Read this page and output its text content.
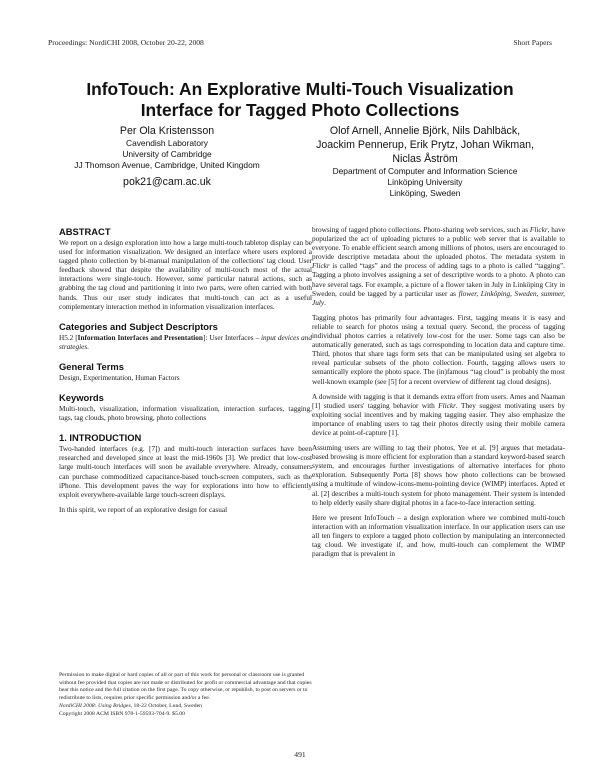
Proceedings: NordiCHI 2008, October 20-22, 2008	Short Papers
InfoTouch: An Explorative Multi-Touch Visualization
Interface for Tagged Photo Collections
Per Ola Kristensson
Cavendish Laboratory
University of Cambridge
JJ Thomson Avenue, Cambridge, United Kingdom
pok21@cam.ac.uk
Olof Arnell, Annelie Björk, Nils Dahlbäck,
Joackim Pennerup, Erik Prytz, Johan Wikman,
Niclas Åström
Department of Computer and Information Science
Linköping University
Linköping, Sweden
ABSTRACT

We report on a design exploration into how a large multi-touch tabletop display can be used for information visualization. We designed an interface where users explored a tagged photo collection by bi-manual manipulation of the collections' tag cloud. User feedback showed that despite the availability of multi-touch most of the actual interactions were single-touch. However, some particular natural actions, such as grabbing the tag cloud and partitioning it into two parts, were often carried with both hands. Thus our user study indicates that multi-touch can act as a useful complementary interaction method in information visualization interfaces.

Categories and Subject Descriptors

H5.2 [Information Interfaces and Presentation]: User Interfaces – input devices and strategies.

General Terms

Design, Experimentation, Human Factors

Keywords

Multi-touch, visualization, information visualization, interaction surfaces, tagging, tags, tag clouds, photo browsing, photo collections

1. INTRODUCTION

Two-handed interfaces (e.g. [7]) and multi-touch interaction surfaces have been researched and developed since at least the mid-1960s [3]. We predict that low-cost large multi-touch interfaces will soon be available everywhere. Already, consumers can purchase commoditized capacitance-based touch-screen computers, such as the iPhone. This development paves the way for explorations into how to efficiently exploit everywhere-available large touch-screen displays.

In this spirit, we report of an explorative design for casual

Permission to make digital or hard copies of all or part of this work for personal or classroom use is granted without fee provided that copies are not made or distributed for profit or commercial advantage and that copies bear this notice and the full citation on the first page. To copy otherwise, or republish, to post on servers or to redistribute to lists, requires prior specific permission and/or a fee.

NordiCHI 2008: Using Bridges, 18-22 October, Lund, Sweden

Copyright 2008 ACM ISBN 978-1-59593-704-9. $5.00

browsing of tagged photo collections. Photo-sharing web services, such as Flickr, have popularized the act of uploading pictures to a public web server that is available to everyone. To enable efficient search among millions of photos, users are encouraged to provide descriptive metadata about the uploaded photos. The metadata system in Flickr is called “tags” and the process of adding tags to a photo is called “tagging”. Tagging a photo involves assigning a set of descriptive words to a photo. A photo can have several tags. For example, a picture of a flower taken in July in Linköping City in Sweden, could be tagged by a particular user as flower, Linköping, Sweden, summer, July.

Tagging photos has primarily four advantages. First, tagging means it is easy and reliable to search for photos using a textual query. Second, the process of tagging individual photos carries a relatively low-cost for the user. Some tags can also be automatically generated, such as tags corresponding to location data and capture time. Third, photos that share tags form sets that can be manipulated using set algebra to reveal particular subsets of the photo collection. Fourth, tagging allows users to semantically explore the photo space. The (in)famous “tag cloud” is probably the most well-known example (see [5] for a recent overview of different tag cloud designs).

A downside with tagging is that it demands extra effort from users. Ames and Naaman [1] studied users' tagging behavior with Flickr. They suggest motivating users by exploiting social incentives and by making tagging easier. They also emphasize the importance of enabling users to tag their photos directly using their mobile camera device at point-of-capture [1].

Assuming users are willing to tag their photos, Yee et al. [9] argues that metadata-based browsing is more efficient for exploration than a standard keyword-based search system, and encourages further investigations of alternative interfaces for photo exploration. Subsequently Porta [8] shows how photo collections can be browsed using a multitude of window-icons-menu-pointing device (WIMP) interfaces. Apted et al. [2] describes a multi-touch system for photo management. Their system is intended to help elderly easily share digital photos in a face-to-face interaction setting.

Here we present InfoTouch – a design exploration where we combined multi-touch interaction with an information visualization interface. In our application users can use all ten fingers to explore a tagged photo collection by manipulating an interconnected tag cloud. We investigate if, and how, multi-touch can complement the WIMP paradigm that is prevalent in

491
